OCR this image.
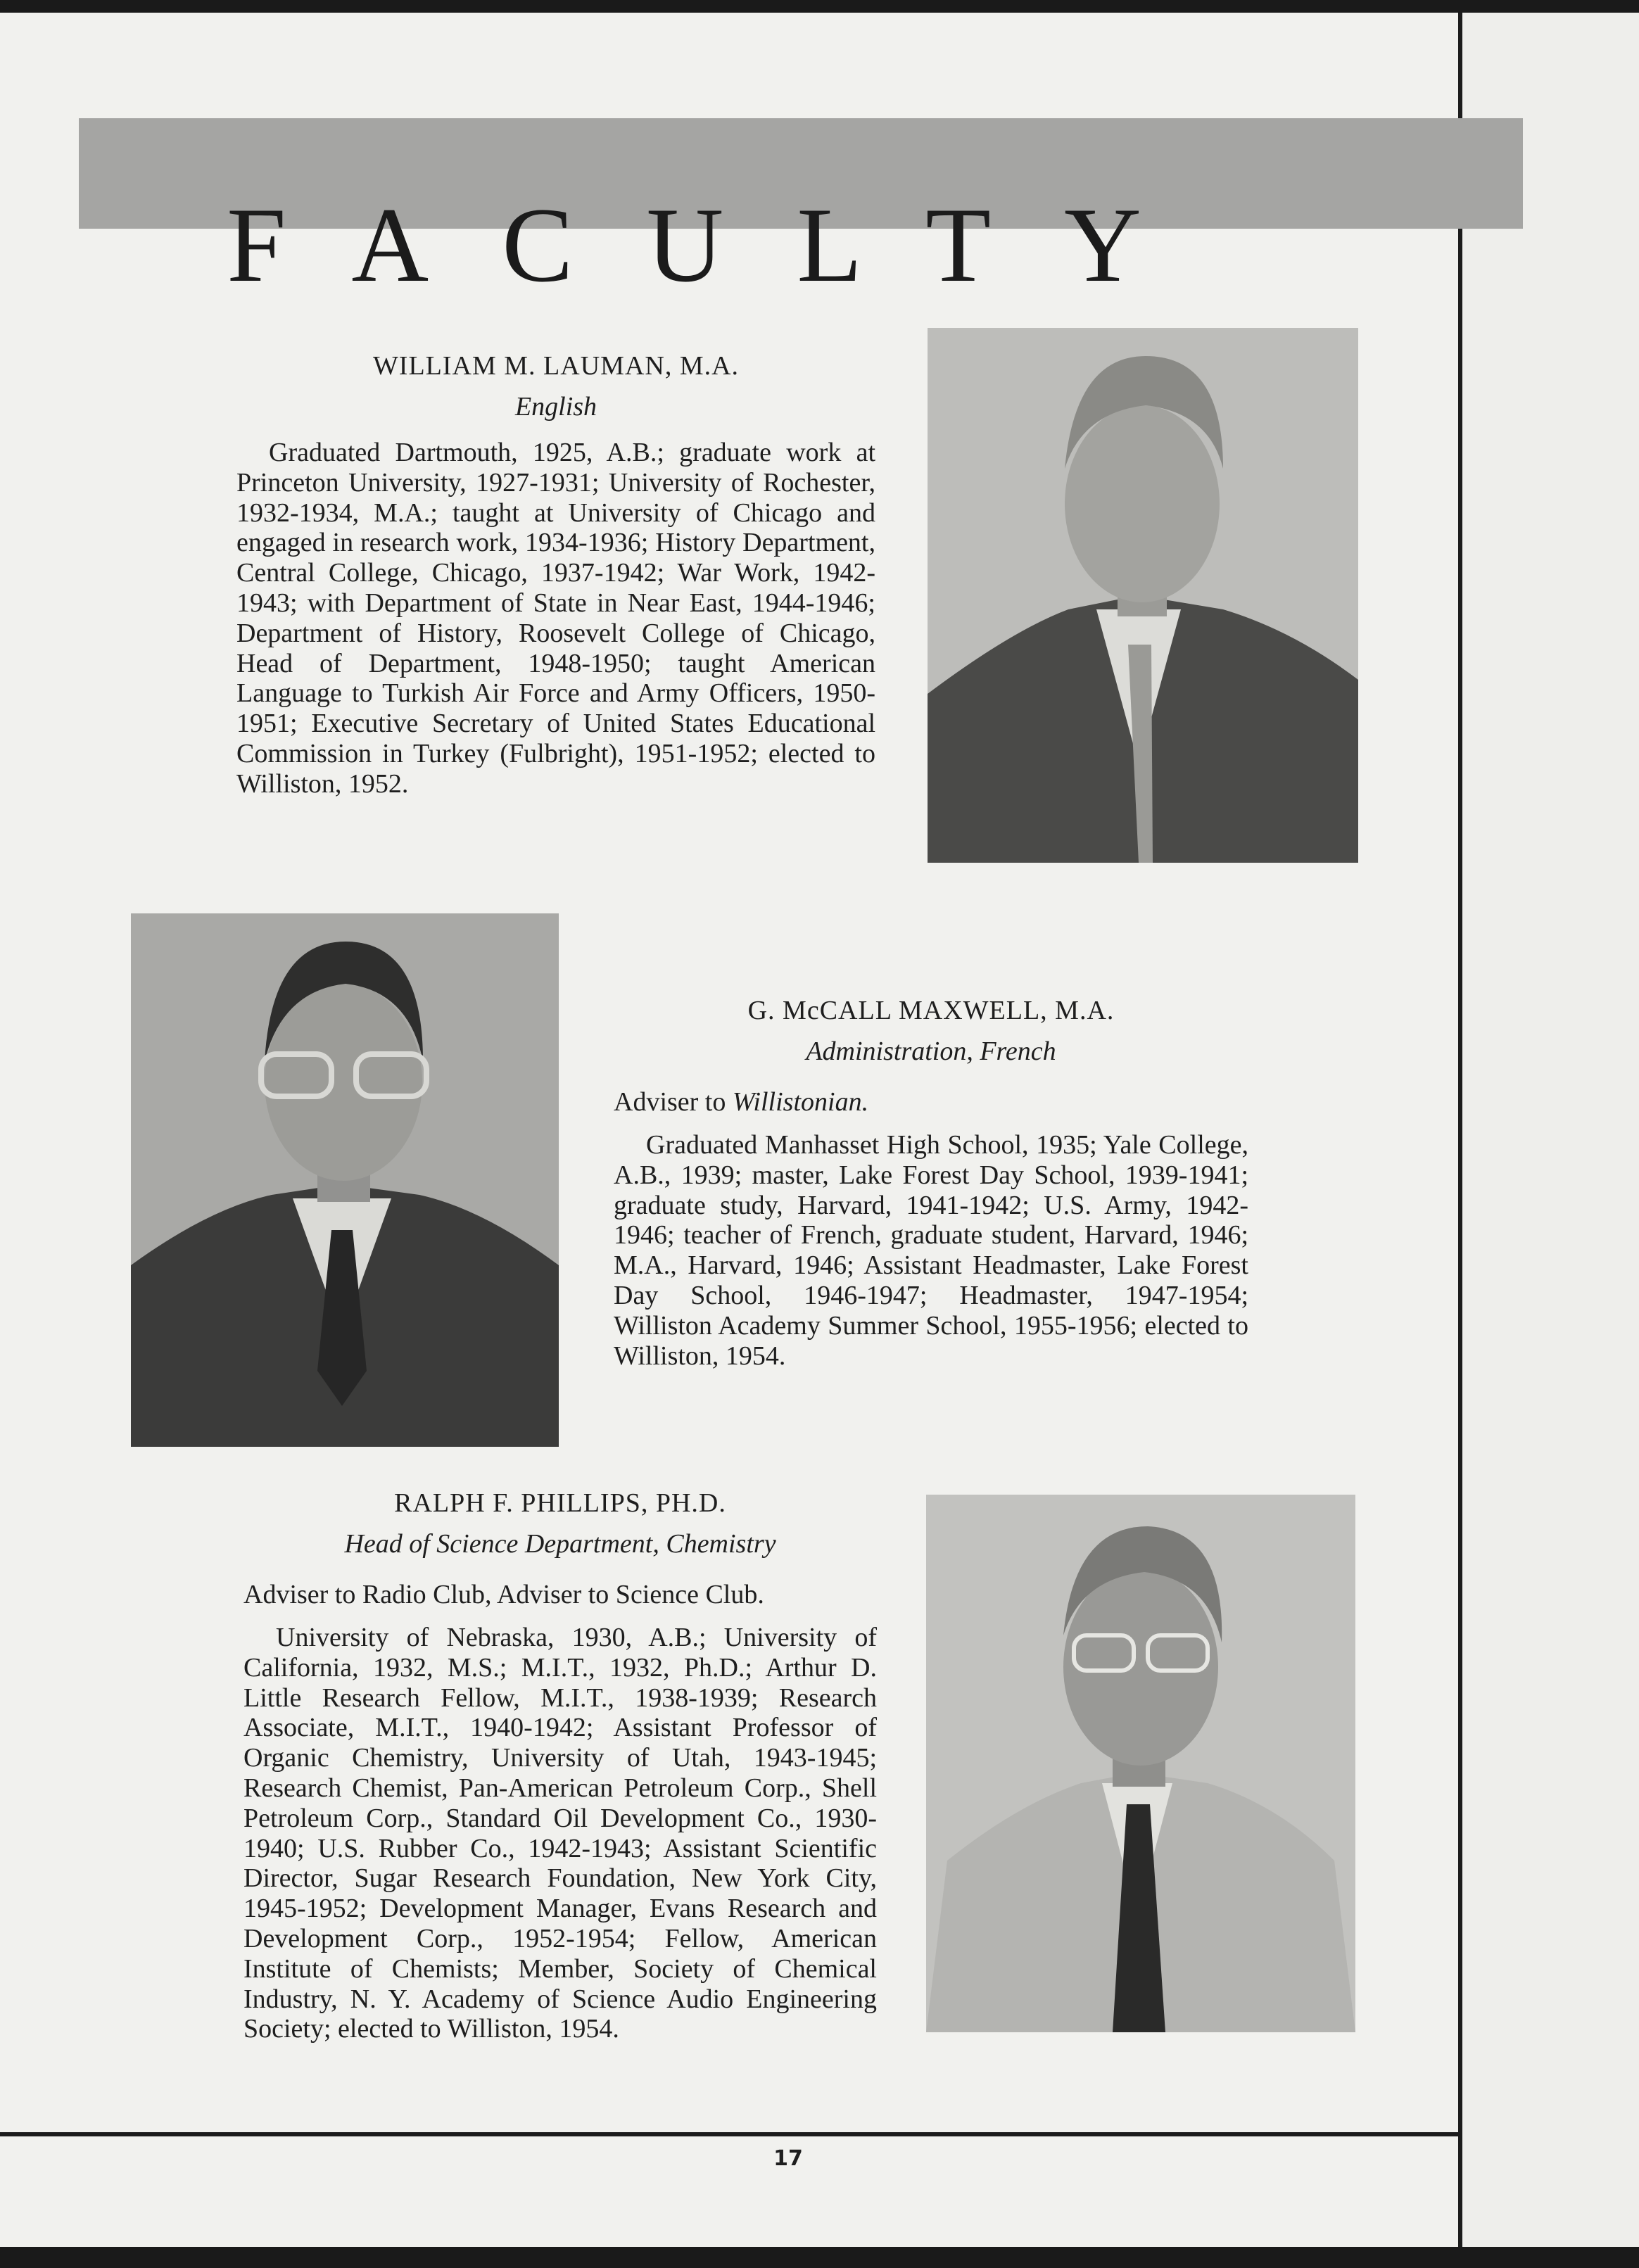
FACULTY

WILLIAM M. LAUMAN, M.A.

English

Graduated Dartmouth, 1925, A.B.; graduate work at Princeton University, 1927-1931; University of Rochester, 1932-1934, M.A.; taught at University of Chicago and engaged in research work, 1934-1936; History Department, Central College, Chicago, 1937-1942; War Work, 1942-1943; with Department of State in Near East, 1944-1946; Department of History, Roosevelt College of Chicago, Head of Department, 1948-1950; taught American Language to Turkish Air Force and Army Officers, 1950-1951; Executive Secretary of United States Educational Commission in Turkey (Fulbright), 1951-1952; elected to Williston, 1952.

G. McCALL MAXWELL, M.A.

Administration, French

Adviser to Willistonian.

Graduated Manhasset High School, 1935; Yale College, A.B., 1939; master, Lake Forest Day School, 1939-1941; graduate study, Harvard, 1941-1942; U.S. Army, 1942-1946; teacher of French, graduate student, Harvard, 1946; M.A., Harvard, 1946; Assistant Headmaster, Lake Forest Day School, 1946-1947; Headmaster, 1947-1954; Williston Academy Summer School, 1955-1956; elected to Williston, 1954.

RALPH F. PHILLIPS, PH.D.

Head of Science Department, Chemistry

Adviser to Radio Club, Adviser to Science Club.

University of Nebraska, 1930, A.B.; University of California, 1932, M.S.; M.I.T., 1932, Ph.D.; Arthur D. Little Research Fellow, M.I.T., 1938-1939; Research Associate, M.I.T., 1940-1942; Assistant Professor of Organic Chemistry, University of Utah, 1943-1945; Research Chemist, Pan-American Petroleum Corp., Shell Petroleum Corp., Standard Oil Development Co., 1930-1940; U.S. Rubber Co., 1942-1943; Assistant Scientific Director, Sugar Research Foundation, New York City, 1945-1952; Development Manager, Evans Research and Development Corp., 1952-1954; Fellow, American Institute of Chemists; Member, Society of Chemical Industry, N. Y. Academy of Science Audio Engineering Society; elected to Williston, 1954.

17
